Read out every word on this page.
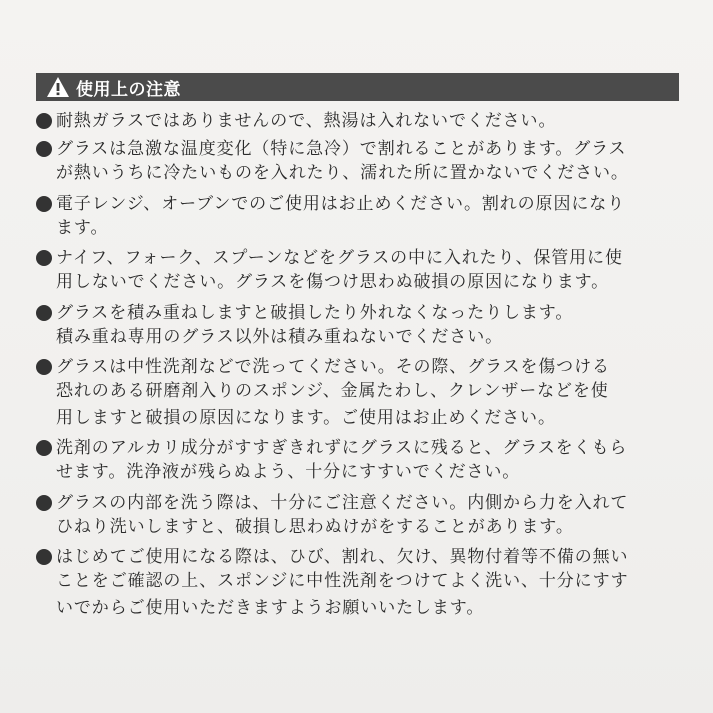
使用上の注意
耐熱ガラスではありませんので、熱湯は入れないでください。
グラスは急激な温度変化（特に急冷）で割れることがあります。グラス
が熱いうちに冷たいものを入れたり、濡れた所に置かないでください。
電子レンジ、オーブンでのご使用はお止めください。割れの原因になり
ます。
ナイフ、フォーク、スプーンなどをグラスの中に入れたり、保管用に使
用しないでください。グラスを傷つけ思わぬ破損の原因になります。
グラスを積み重ねしますと破損したり外れなくなったりします。
積み重ね専用のグラス以外は積み重ねないでください。
グラスは中性洗剤などで洗ってください。その際、グラスを傷つける
恐れのある研磨剤入りのスポンジ、金属たわし、クレンザーなどを使
用しますと破損の原因になります。ご使用はお止めください。
洗剤のアルカリ成分がすすぎきれずにグラスに残ると、グラスをくもら
せます。洗浄液が残らぬよう、十分にすすいでください。
グラスの内部を洗う際は、十分にご注意ください。内側から力を入れて
ひねり洗いしますと、破損し思わぬけがをすることがあります。
はじめてご使用になる際は、ひび、割れ、欠け、異物付着等不備の無い
ことをご確認の上、スポンジに中性洗剤をつけてよく洗い、十分にすす
いでからご使用いただきますようお願いいたします。
